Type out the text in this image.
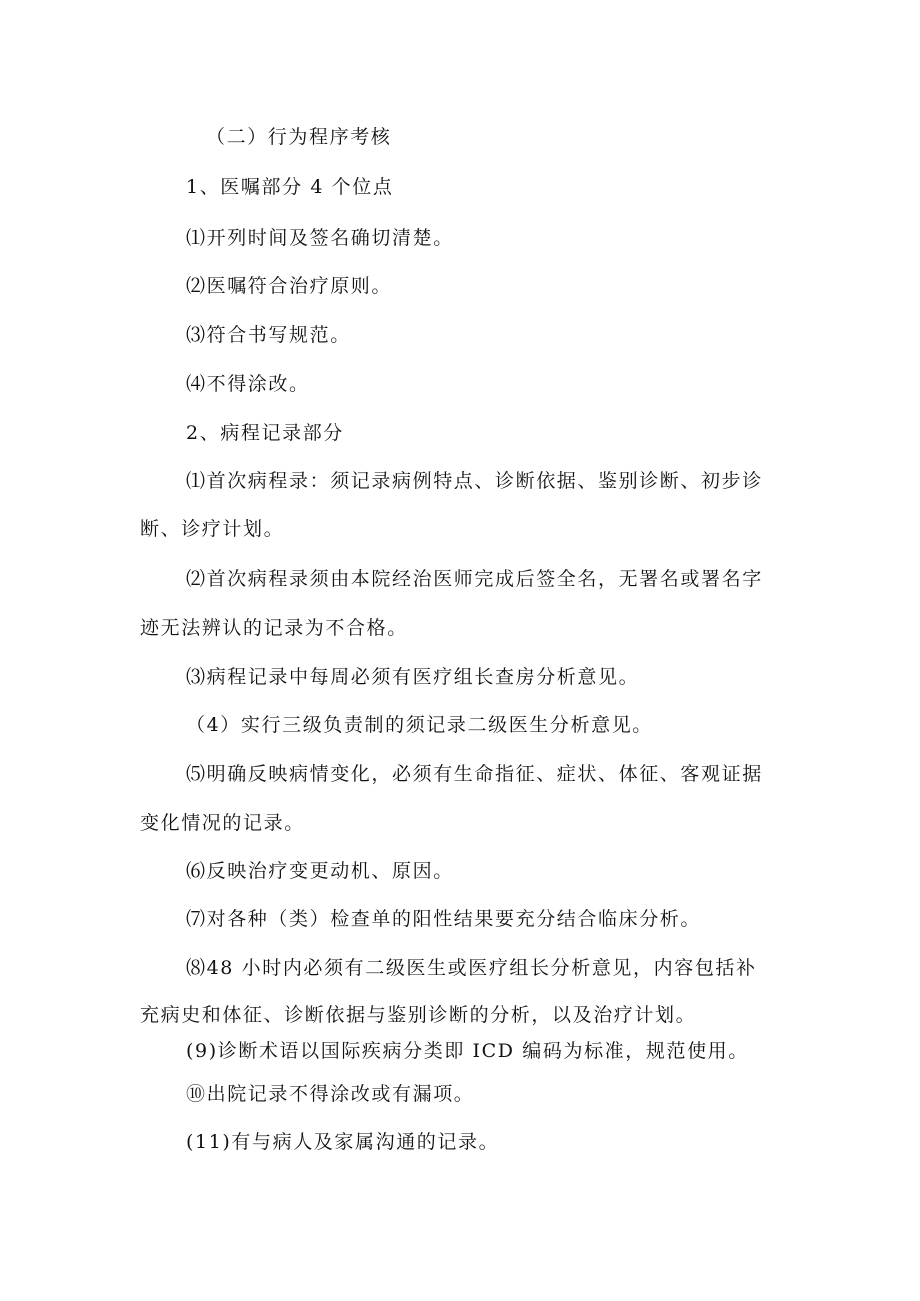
（二）行为程序考核
1、医嘱部分 4 个位点
⑴开列时间及签名确切清楚。
⑵医嘱符合治疗原则。
⑶符合书写规范。
⑷不得涂改。
2、病程记录部分
⑴首次病程录：须记录病例特点、诊断依据、鉴别诊断、初步诊
断、诊疗计划。
⑵首次病程录须由本院经治医师完成后签全名，无署名或署名字
迹无法辨认的记录为不合格。
⑶病程记录中每周必须有医疗组长查房分析意见。
（4）实行三级负责制的须记录二级医生分析意见。
⑸明确反映病情变化，必须有生命指征、症状、体征、客观证据
变化情况的记录。
⑹反映治疗变更动机、原因。
⑺对各种（类）检查单的阳性结果要充分结合临床分析。
⑻48 小时内必须有二级医生或医疗组长分析意见，内容包括补
充病史和体征、诊断依据与鉴别诊断的分析，以及治疗计划。
(9)诊断术语以国际疾病分类即 ICD 编码为标准，规范使用。
⑩出院记录不得涂改或有漏项。
(11)有与病人及家属沟通的记录。
